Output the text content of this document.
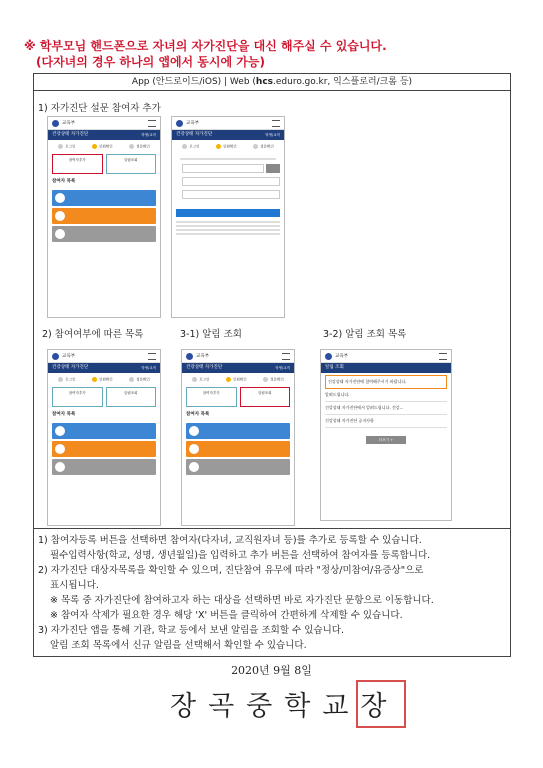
※ 학부모님 핸드폰으로 자녀의 자가진단을 대신 해주실 수 있습니다.
(다자녀의 경우 하나의 앱에서 동시에 가능)
App (안드로이드/iOS) | Web (hcs.eduro.go.kr, 익스플로러/크롬 등)
1) 자가진단 설문 참여자 추가
교육부
건강상태 자가진단	학생/교직
로그인	인원확인	설문확인
참여자추가	알림조회
참여자 목록
교육부
건강상태 자가진단	학생/교직
로그인	인원확인	설문확인
2) 참여여부에 따른 목록	3-1) 알림 조회	3-2) 알림 조회 목록
교육부
건강상태 자가진단	학생/교직
로그인	인원확인	설문확인
참여자추가	알림조회
참여자 목록
교육부
건강상태 자가진단	학생/교직
로그인	인원확인	설문확인
참여자추가	알림조회
참여자 목록
교육부
알림 조회
건강상태 자가진단에 참여해주시기 바랍니다.
알려드립니다.
건강상태 자가진단에서 알려드립니다. 건강...
건강상태 자가진단 공지사항
더보기 +
1) 참여자등록 버튼을 선택하면 참여자(다자녀, 교직원자녀 등)를 추가로 등록할 수 있습니다.
필수입력사항(학교, 성명, 생년월일)을 입력하고 추가 버튼을 선택하여 참여자를 등록합니다.
2) 자가진단 대상자목록을 확인할 수 있으며, 진단참여 유무에 따라 "정상/미참여/유증상"으로
표시됩니다.
※ 목록 중 자가진단에 참여하고자 하는 대상을 선택하면 바로 자가진단 문항으로 이동합니다.
※ 참여자 삭제가 필요한 경우 해당 'X' 버튼을 클릭하여 간편하게 삭제할 수 있습니다.
3) 자가진단 앱을 통해 기관, 학교 등에서 보낸 알림을 조회할 수 있습니다.
알림 조회 목록에서 신규 알림을 선택해서 확인할 수 있습니다.
2020년 9월 8일
장곡중학교장
